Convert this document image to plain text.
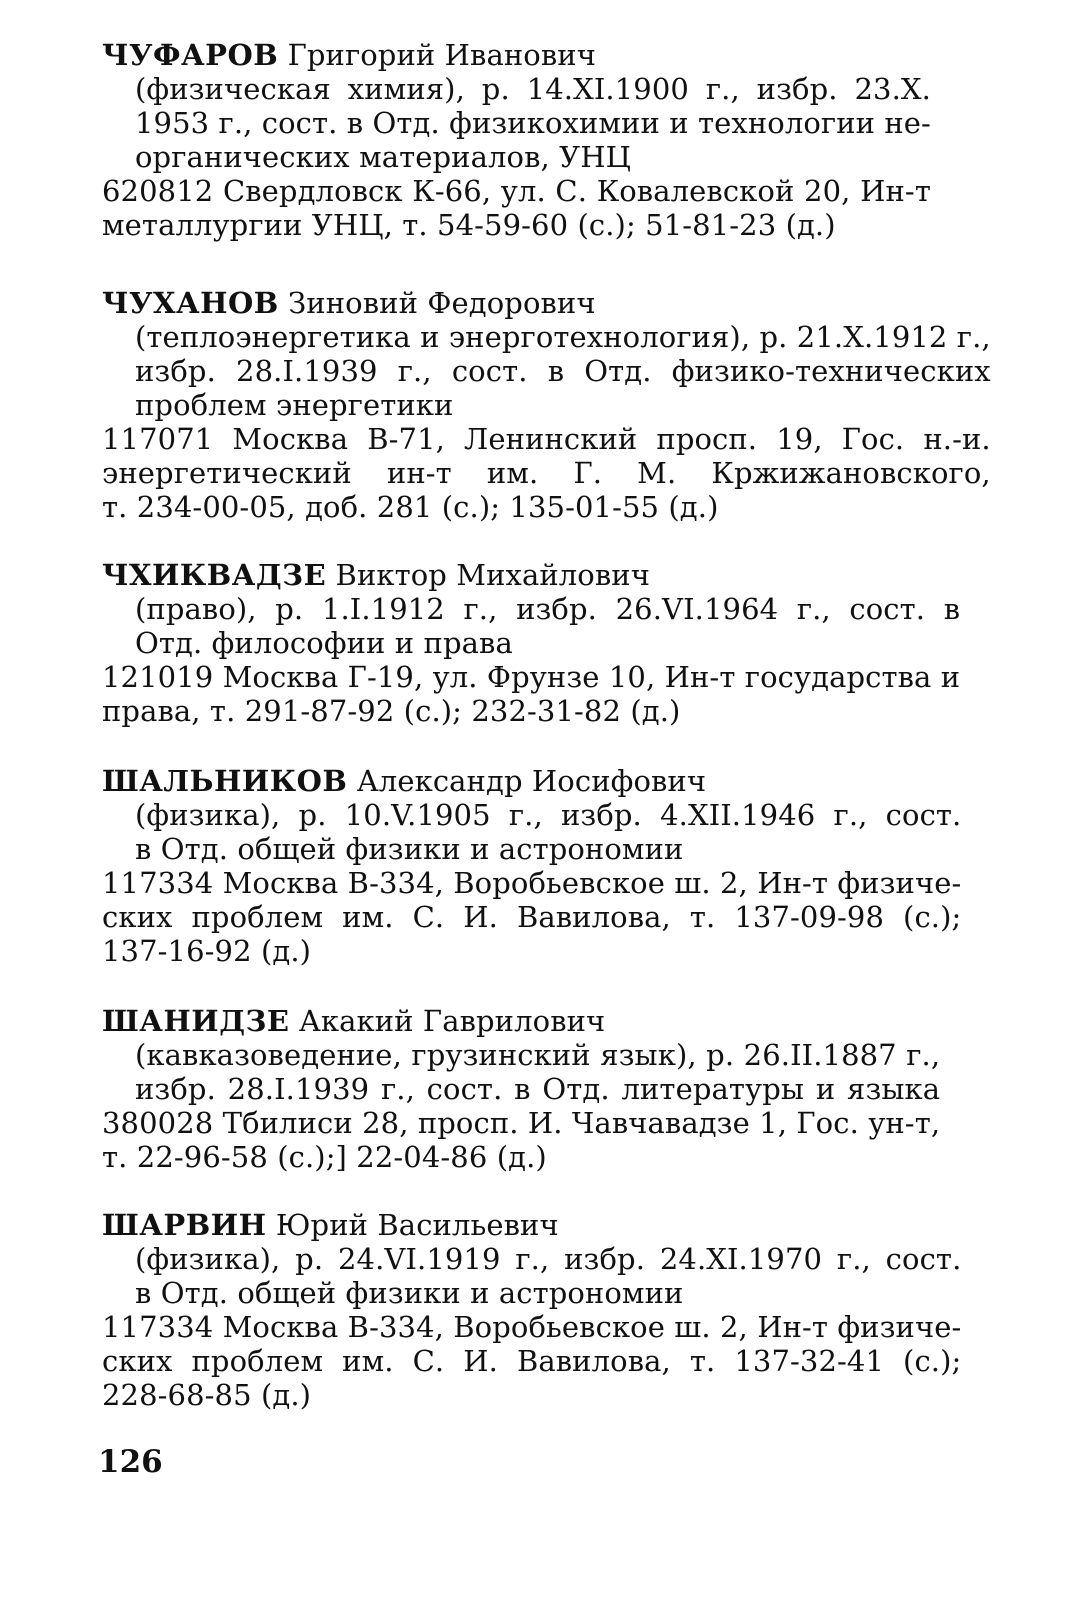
ЧУФАРОВ Григорий Иванович
(физическая химия), р. 14.XI.1900 г., избр. 23.X.
1953 г., сост. в Отд. физикохимии и технологии не-
органических материалов, УНЦ
620812 Свердловск К-66, ул. С. Ковалевской 20, Ин-т
металлургии УНЦ, т. 54-59-60 (с.); 51-81-23 (д.)
ЧУХАНОВ Зиновий Федорович
(теплоэнергетика и энерготехнология), р. 21.X.1912 г.,
избр. 28.I.1939 г., сост. в Отд. физико-технических
проблем энергетики
117071 Москва В-71, Ленинский просп. 19, Гос. н.-и.
энергетический ин-т им. Г. М. Кржижановского,
т. 234-00-05, доб. 281 (с.); 135-01-55 (д.)
ЧХИКВАДЗЕ Виктор Михайлович
(право), р. 1.I.1912 г., избр. 26.VI.1964 г., сост. в
Отд. философии и права
121019 Москва Г-19, ул. Фрунзе 10, Ин-т государства и
права, т. 291-87-92 (с.); 232-31-82 (д.)
ШАЛЬНИКОВ Александр Иосифович
(физика), р. 10.V.1905 г., избр. 4.XII.1946 г., сост.
в Отд. общей физики и астрономии
117334 Москва В-334, Воробьевское ш. 2, Ин-т физиче-
ских проблем им. С. И. Вавилова, т. 137-09-98 (с.);
137-16-92 (д.)
ШАНИДЗЕ Акакий Гаврилович
(кавказоведение, грузинский язык), р. 26.II.1887 г.,
избр. 28.I.1939 г., сост. в Отд. литературы и языка
380028 Тбилиси 28, просп. И. Чавчавадзе 1, Гос. ун-т,
т. 22-96-58 (с.);] 22-04-86 (д.)
ШАРВИН Юрий Васильевич
(физика), р. 24.VI.1919 г., избр. 24.XI.1970 г., сост.
в Отд. общей физики и астрономии
117334 Москва В-334, Воробьевское ш. 2, Ин-т физиче-
ских проблем им. С. И. Вавилова, т. 137-32-41 (с.);
228-68-85 (д.)
126
